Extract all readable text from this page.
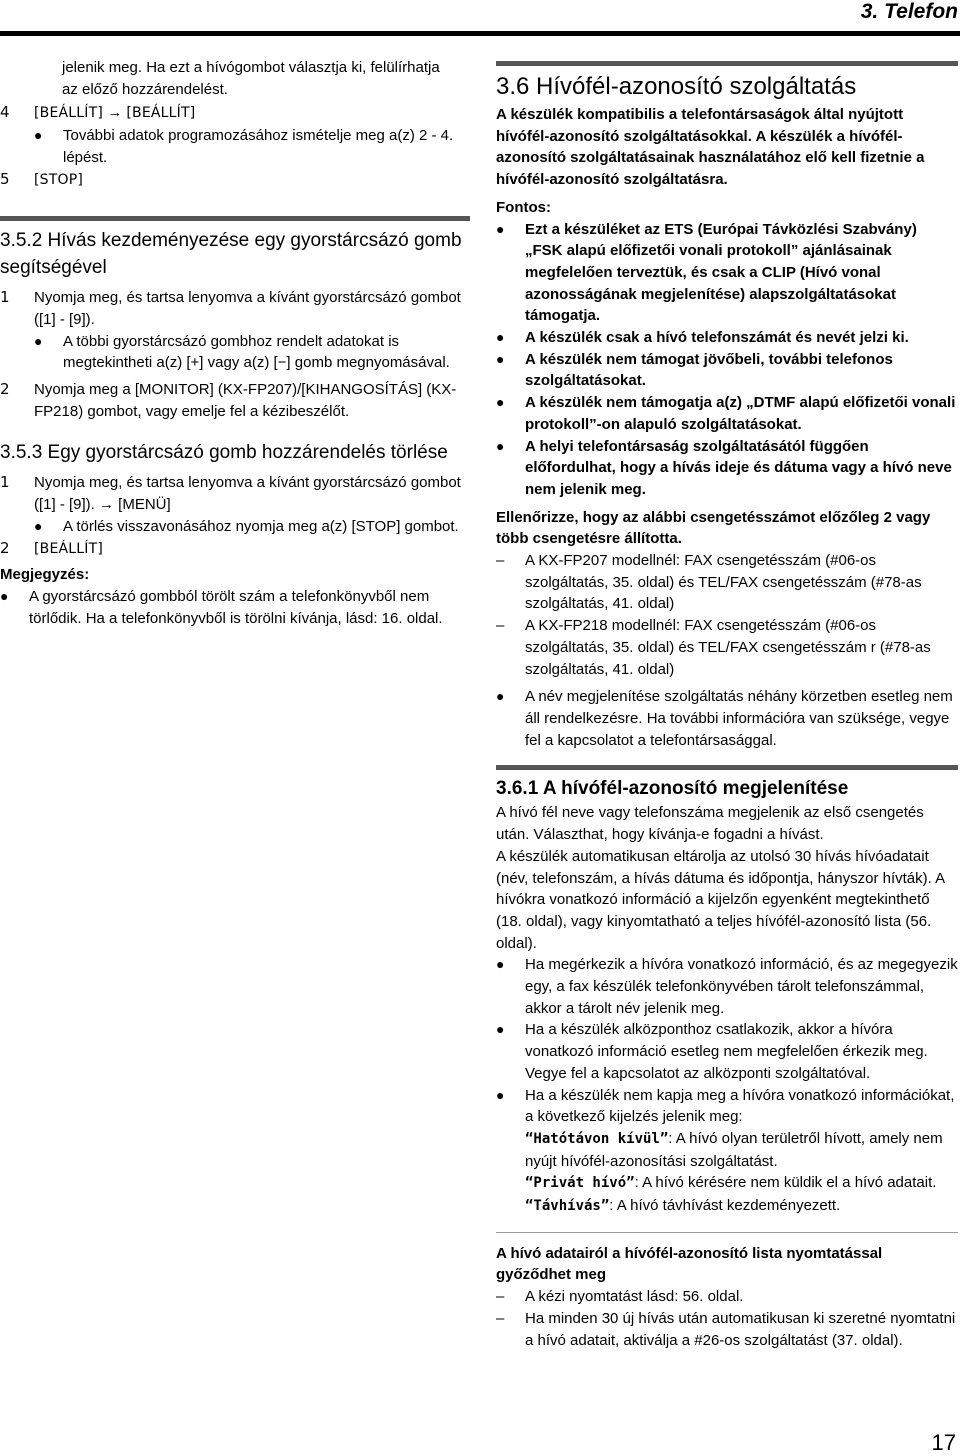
3. Telefon

jelenik meg. Ha ezt a hívógombot választja ki, felülírhatja

az előző hozzárendelést.

4	[BEÁLLÍT] → [BEÁLLÍT]
●	További adatok programozásához ismételje meg a(z) 2 - 4. lépést.
5	[STOP]

3.5.2 Hívás kezdeményezése egy gyorstárcsázó gomb segítségével

1	Nyomja meg, és tartsa lenyomva a kívánt gyorstárcsázó gombot ([1] - [9]).

●	A többi gyorstárcsázó gombhoz rendelt adatokat is megtekintheti a(z) [+] vagy a(z) [−] gomb megnyomásával.
2	Nyomja meg a [MONITOR] (KX-FP207)/[KIHANGOSÍTÁS] (KX-FP218) gombot, vagy emelje fel a kézibeszélőt.

3.5.3 Egy gyorstárcsázó gomb hozzárendelés törlése

1	Nyomja meg, és tartsa lenyomva a kívánt gyorstárcsázó gombot ([1] - [9]). → [MENÜ]

●	A törlés visszavonásához nyomja meg a(z) [STOP] gombot.
2	[BEÁLLÍT]

Megjegyzés:

●	A gyorstárcsázó gombból törölt szám a telefonkönyvből nem törlődik. Ha a telefonkönyvből is törölni kívánja, lásd: 16. oldal.

3.6 Hívófél-azonosító szolgáltatás

A készülék kompatibilis a telefontársaságok által nyújtott hívófél-azonosító szolgáltatásokkal. A készülék a hívófél-azonosító szolgáltatásainak használatához elő kell fizetnie a hívófél-azonosító szolgáltatásra.

Fontos:

●	Ezt a készüléket az ETS (Európai Távközlési Szabvány) „FSK alapú előfizetői vonali protokoll” ajánlásainak megfelelően terveztük, és csak a CLIP (Hívó vonal azonosságának megjelenítése) alapszolgáltatásokat támogatja.
●	A készülék csak a hívó telefonszámát és nevét jelzi ki.
●	A készülék nem támogat jövőbeli, további telefonos szolgáltatásokat.
●	A készülék nem támogatja a(z) „DTMF alapú előfizetői vonali protokoll”-on alapuló szolgáltatásokat.
●	A helyi telefontársaság szolgáltatásától függően előfordulhat, hogy a hívás ideje és dátuma vagy a hívó neve nem jelenik meg.

Ellenőrizze, hogy az alábbi csengetésszámot előzőleg 2 vagy több csengetésre állította.

–	A KX-FP207 modellnél: FAX csengetésszám (#06-os szolgáltatás, 35. oldal) és TEL/FAX csengetésszám (#78-as szolgáltatás, 41. oldal)
–	A KX-FP218 modellnél: FAX csengetésszám (#06-os szolgáltatás, 35. oldal) és TEL/FAX csengetésszám r (#78-as szolgáltatás, 41. oldal)
●	A név megjelenítése szolgáltatás néhány körzetben esetleg nem áll rendelkezésre. Ha további információra van szüksége, vegye fel a kapcsolatot a telefontársasággal.

3.6.1 A hívófél-azonosító megjelenítése

A hívó fél neve vagy telefonszáma megjelenik az első csengetés után. Választhat, hogy kívánja-e fogadni a hívást.

A készülék automatikusan eltárolja az utolsó 30 hívás hívóadatait (név, telefonszám, a hívás dátuma és időpontja, hányszor hívták). A hívókra vonatkozó információ a kijelzőn egyenként megtekinthető (18. oldal), vagy kinyomtatható a teljes hívófél-azonosító lista (56. oldal).

●	Ha megérkezik a hívóra vonatkozó információ, és az megegyezik egy, a fax készülék telefonkönyvében tárolt telefonszámmal, akkor a tárolt név jelenik meg.
●	Ha a készülék alközponthoz csatlakozik, akkor a hívóra vonatkozó információ esetleg nem megfelelően érkezik meg. Vegye fel a kapcsolatot az alközponti szolgáltatóval.
●	Ha a készülék nem kapja meg a hívóra vonatkozó információkat, a következő kijelzés jelenik meg:

“Hatótávon kívül”: A hívó olyan területről hívott, amely nem nyújt hívófél-azonosítási szolgáltatást.

“Privát hívó”: A hívó kérésére nem küldik el a hívó adatait.

“Távhívás”: A hívó távhívást kezdeményezett.

A hívó adatairól a hívófél-azonosító lista nyomtatással győződhet meg

–	A kézi nyomtatást lásd: 56. oldal.
–	Ha minden 30 új hívás után automatikusan ki szeretné nyomtatni a hívó adatait, aktiválja a #26-os szolgáltatást (37. oldal).
17
